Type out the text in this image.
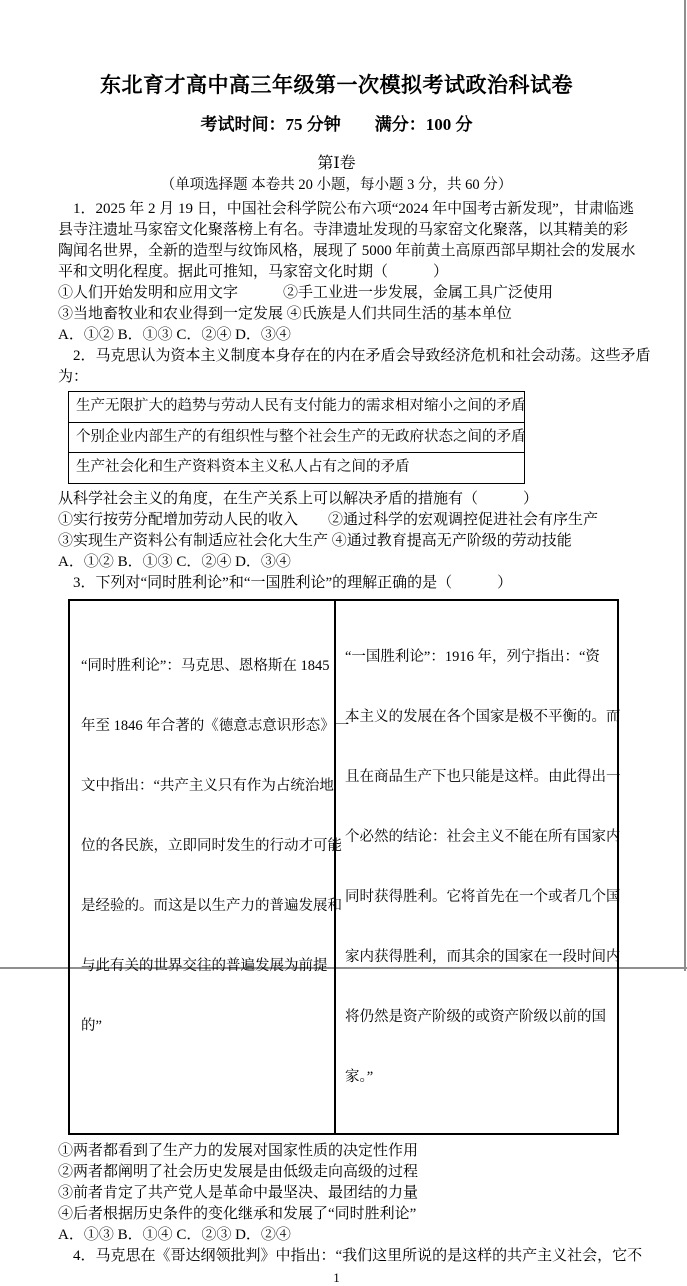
东北育才高中高三年级第一次模拟考试政治科试卷
考试时间：75 分钟　　满分：100 分
第Ⅰ卷
（单项选择题 本卷共 20 小题，每小题 3 分，共 60 分）
1．2025 年 2 月 19 日，中国社会科学院公布六项“2024 年中国考古新发现”，甘肃临逃
县寺注遗址马家窑文化聚落榜上有名。寺津遗址发现的马家窑文化聚落，以其精美的彩
陶闻名世界，全新的造型与纹饰风格，展现了 5000 年前黄土高原西部早期社会的发展水
平和文明化程度。据此可推知，马家窑文化时期（　　　）
①人们开始发明和应用文字　　　②手工业进一步发展，金属工具广泛使用
③当地畜牧业和农业得到一定发展 ④氏族是人们共同生活的基本单位
A．①② B．①③ C．②④ D．③④
2．马克思认为资本主义制度本身存在的内在矛盾会导致经济危机和社会动荡。这些矛盾
为：
生产无限扩大的趋势与劳动人民有支付能力的需求相对缩小之间的矛盾
个别企业内部生产的有组织性与整个社会生产的无政府状态之间的矛盾
生产社会化和生产资料资本主义私人占有之间的矛盾
从科学社会主义的角度，在生产关系上可以解决矛盾的措施有（　　　）
①实行按劳分配增加劳动人民的收入　　②通过科学的宏观调控促进社会有序生产
③实现生产资料公有制适应社会化大生产 ④通过教育提高无产阶级的劳动技能
A．①② B．①③ C．②④ D．③④
3．下列对“同时胜利论”和“一国胜利论”的理解正确的是（　　　）

“同时胜利论”：马克思、恩格斯在 1845

年至 1846 年合著的《德意志意识形态》一

文中指出：“共产主义只有作为占统治地

位的各民族，立即同时发生的行动才可能

是经验的。而这是以生产力的普遍发展和

与此有关的世界交往的普遍发展为前提

的”

“一国胜利论”：1916 年，列宁指出：“资

本主义的发展在各个国家是极不平衡的。而

且在商品生产下也只能是这样。由此得出一

个必然的结论：社会主义不能在所有国家内

同时获得胜利。它将首先在一个或者几个国

家内获得胜利，而其余的国家在一段时间内

将仍然是资产阶级的或资产阶级以前的国

家。”

①两者都看到了生产力的发展对国家性质的决定性作用
②两者都阐明了社会历史发展是由低级走向高级的过程
③前者肯定了共产党人是革命中最坚决、最团结的力量
④后者根据历史条件的变化继承和发展了“同时胜利论”
A．①③ B．①④ C．②③ D．②④
4．马克思在《哥达纲领批判》中指出：“我们这里所说的是这样的共产主义社会，它不
1
